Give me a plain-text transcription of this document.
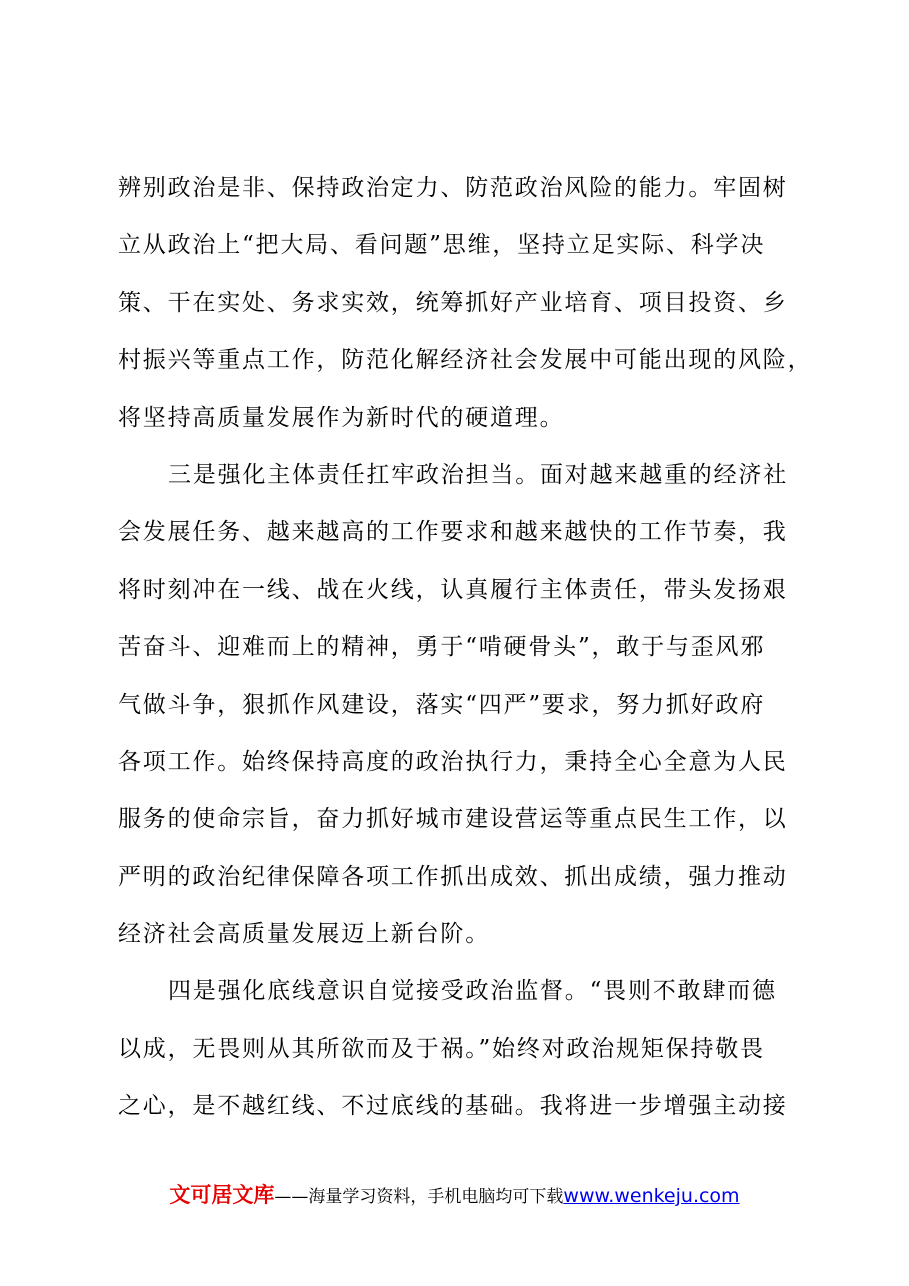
辨别政治是非、保持政治定力、防范政治风险的能力。牢固树
立从政治上“把大局、看问题”思维，坚持立足实际、科学决
策、干在实处、务求实效，统筹抓好产业培育、项目投资、乡
村振兴等重点工作，防范化解经济社会发展中可能出现的风险，
将坚持高质量发展作为新时代的硬道理。
三是强化主体责任扛牢政治担当。面对越来越重的经济社
会发展任务、越来越高的工作要求和越来越快的工作节奏，我
将时刻冲在一线、战在火线，认真履行主体责任，带头发扬艰
苦奋斗、迎难而上的精神，勇于“啃硬骨头”，敢于与歪风邪
气做斗争，狠抓作风建设，落实“四严”要求，努力抓好政府
各项工作。始终保持高度的政治执行力，秉持全心全意为人民
服务的使命宗旨，奋力抓好城市建设营运等重点民生工作，以
严明的政治纪律保障各项工作抓出成效、抓出成绩，强力推动
经济社会高质量发展迈上新台阶。
四是强化底线意识自觉接受政治监督。“畏则不敢肆而德
以成，无畏则从其所欲而及于祸。”始终对政治规矩保持敬畏
之心，是不越红线、不过底线的基础。我将进一步增强主动接
文可居文库——海量学习资料，手机电脑均可下载www.wenkeju.com
